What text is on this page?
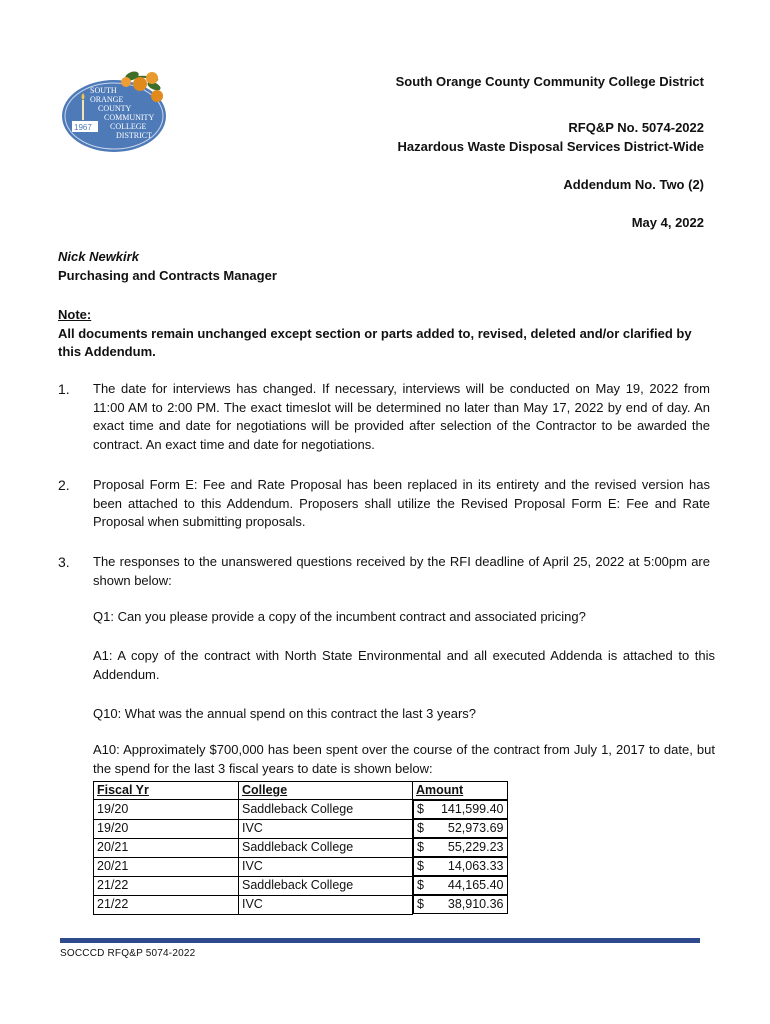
SOUTH
ORANGE
COUNTY
COMMUNITY
COLLEGE
DISTRICT
1967
South Orange County Community College District
RFQ&P No. 5074-2022
Hazardous Waste Disposal Services District-Wide
Addendum No. Two (2)
May 4, 2022
Nick Newkirk
Purchasing and Contracts Manager
Note:
All documents remain unchanged except section or parts added to, revised, deleted and/or clarified by this Addendum.
1.	The date for interviews has changed. If necessary, interviews will be conducted on May 19, 2022 from 11:00 AM to 2:00 PM. The exact timeslot will be determined no later than May 17, 2022 by end of day. An exact time and date for negotiations will be provided after selection of the Contractor to be awarded the contract. An exact time and date for negotiations.
2.	Proposal Form E: Fee and Rate Proposal has been replaced in its entirety and the revised version has been attached to this Addendum. Proposers shall utilize the Revised Proposal Form E: Fee and Rate Proposal when submitting proposals.
3.	The responses to the unanswered questions received by the RFI deadline of April 25, 2022 at 5:00pm are shown below:
Q1: Can you please provide a copy of the incumbent contract and associated pricing?
A1: A copy of the contract with North State Environmental and all executed Addenda is attached to this Addendum.
Q10: What was the annual spend on this contract the last 3 years?
A10: Approximately $700,000 has been spent over the course of the contract from July 1, 2017 to date, but the spend for the last 3 fiscal years to date is shown below:
Fiscal Yr	College	Amount
19/20	Saddleback College		$ 141,599.40

19/20	IVC		$ 52,973.69

20/21	Saddleback College		$ 55,229.23

20/21	IVC		$ 14,063.33

21/22	Saddleback College		$ 44,165.40

21/22	IVC		$ 38,910.36
SOCCCD RFQ&P 5074-2022
